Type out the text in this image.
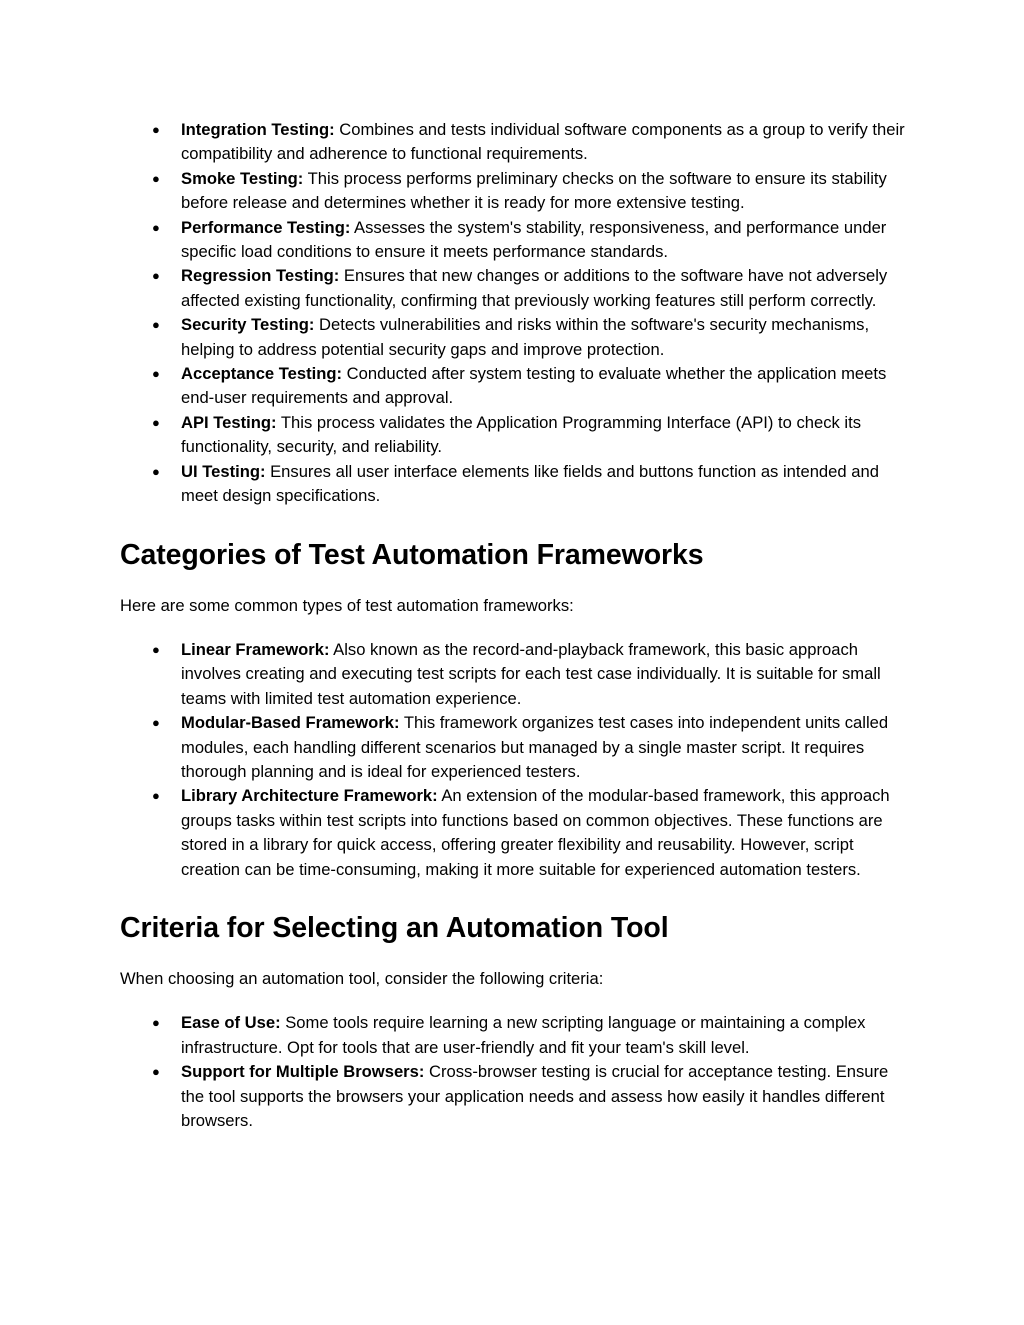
● Integration Testing: Combines and tests individual software components as a group to verify their compatibility and adherence to functional requirements.
● Smoke Testing: This process performs preliminary checks on the software to ensure its stability before release and determines whether it is ready for more extensive testing.
● Performance Testing: Assesses the system's stability, responsiveness, and performance under specific load conditions to ensure it meets performance standards.
● Regression Testing: Ensures that new changes or additions to the software have not adversely affected existing functionality, confirming that previously working features still perform correctly.
● Security Testing: Detects vulnerabilities and risks within the software's security mechanisms, helping to address potential security gaps and improve protection.
● Acceptance Testing: Conducted after system testing to evaluate whether the application meets end-user requirements and approval.
● API Testing: This process validates the Application Programming Interface (API) to check its functionality, security, and reliability.
● UI Testing: Ensures all user interface elements like fields and buttons function as intended and meet design specifications.
Categories of Test Automation Frameworks

Here are some common types of test automation frameworks:

● Linear Framework: Also known as the record-and-playback framework, this basic approach involves creating and executing test scripts for each test case individually. It is suitable for small teams with limited test automation experience.
● Modular-Based Framework: This framework organizes test cases into independent units called modules, each handling different scenarios but managed by a single master script. It requires thorough planning and is ideal for experienced testers.
● Library Architecture Framework: An extension of the modular-based framework, this approach groups tasks within test scripts into functions based on common objectives. These functions are stored in a library for quick access, offering greater flexibility and reusability. However, script creation can be time-consuming, making it more suitable for experienced automation testers.
Criteria for Selecting an Automation Tool

When choosing an automation tool, consider the following criteria:

● Ease of Use: Some tools require learning a new scripting language or maintaining a complex infrastructure. Opt for tools that are user-friendly and fit your team's skill level.
● Support for Multiple Browsers: Cross-browser testing is crucial for acceptance testing. Ensure the tool supports the browsers your application needs and assess how easily it handles different browsers.
